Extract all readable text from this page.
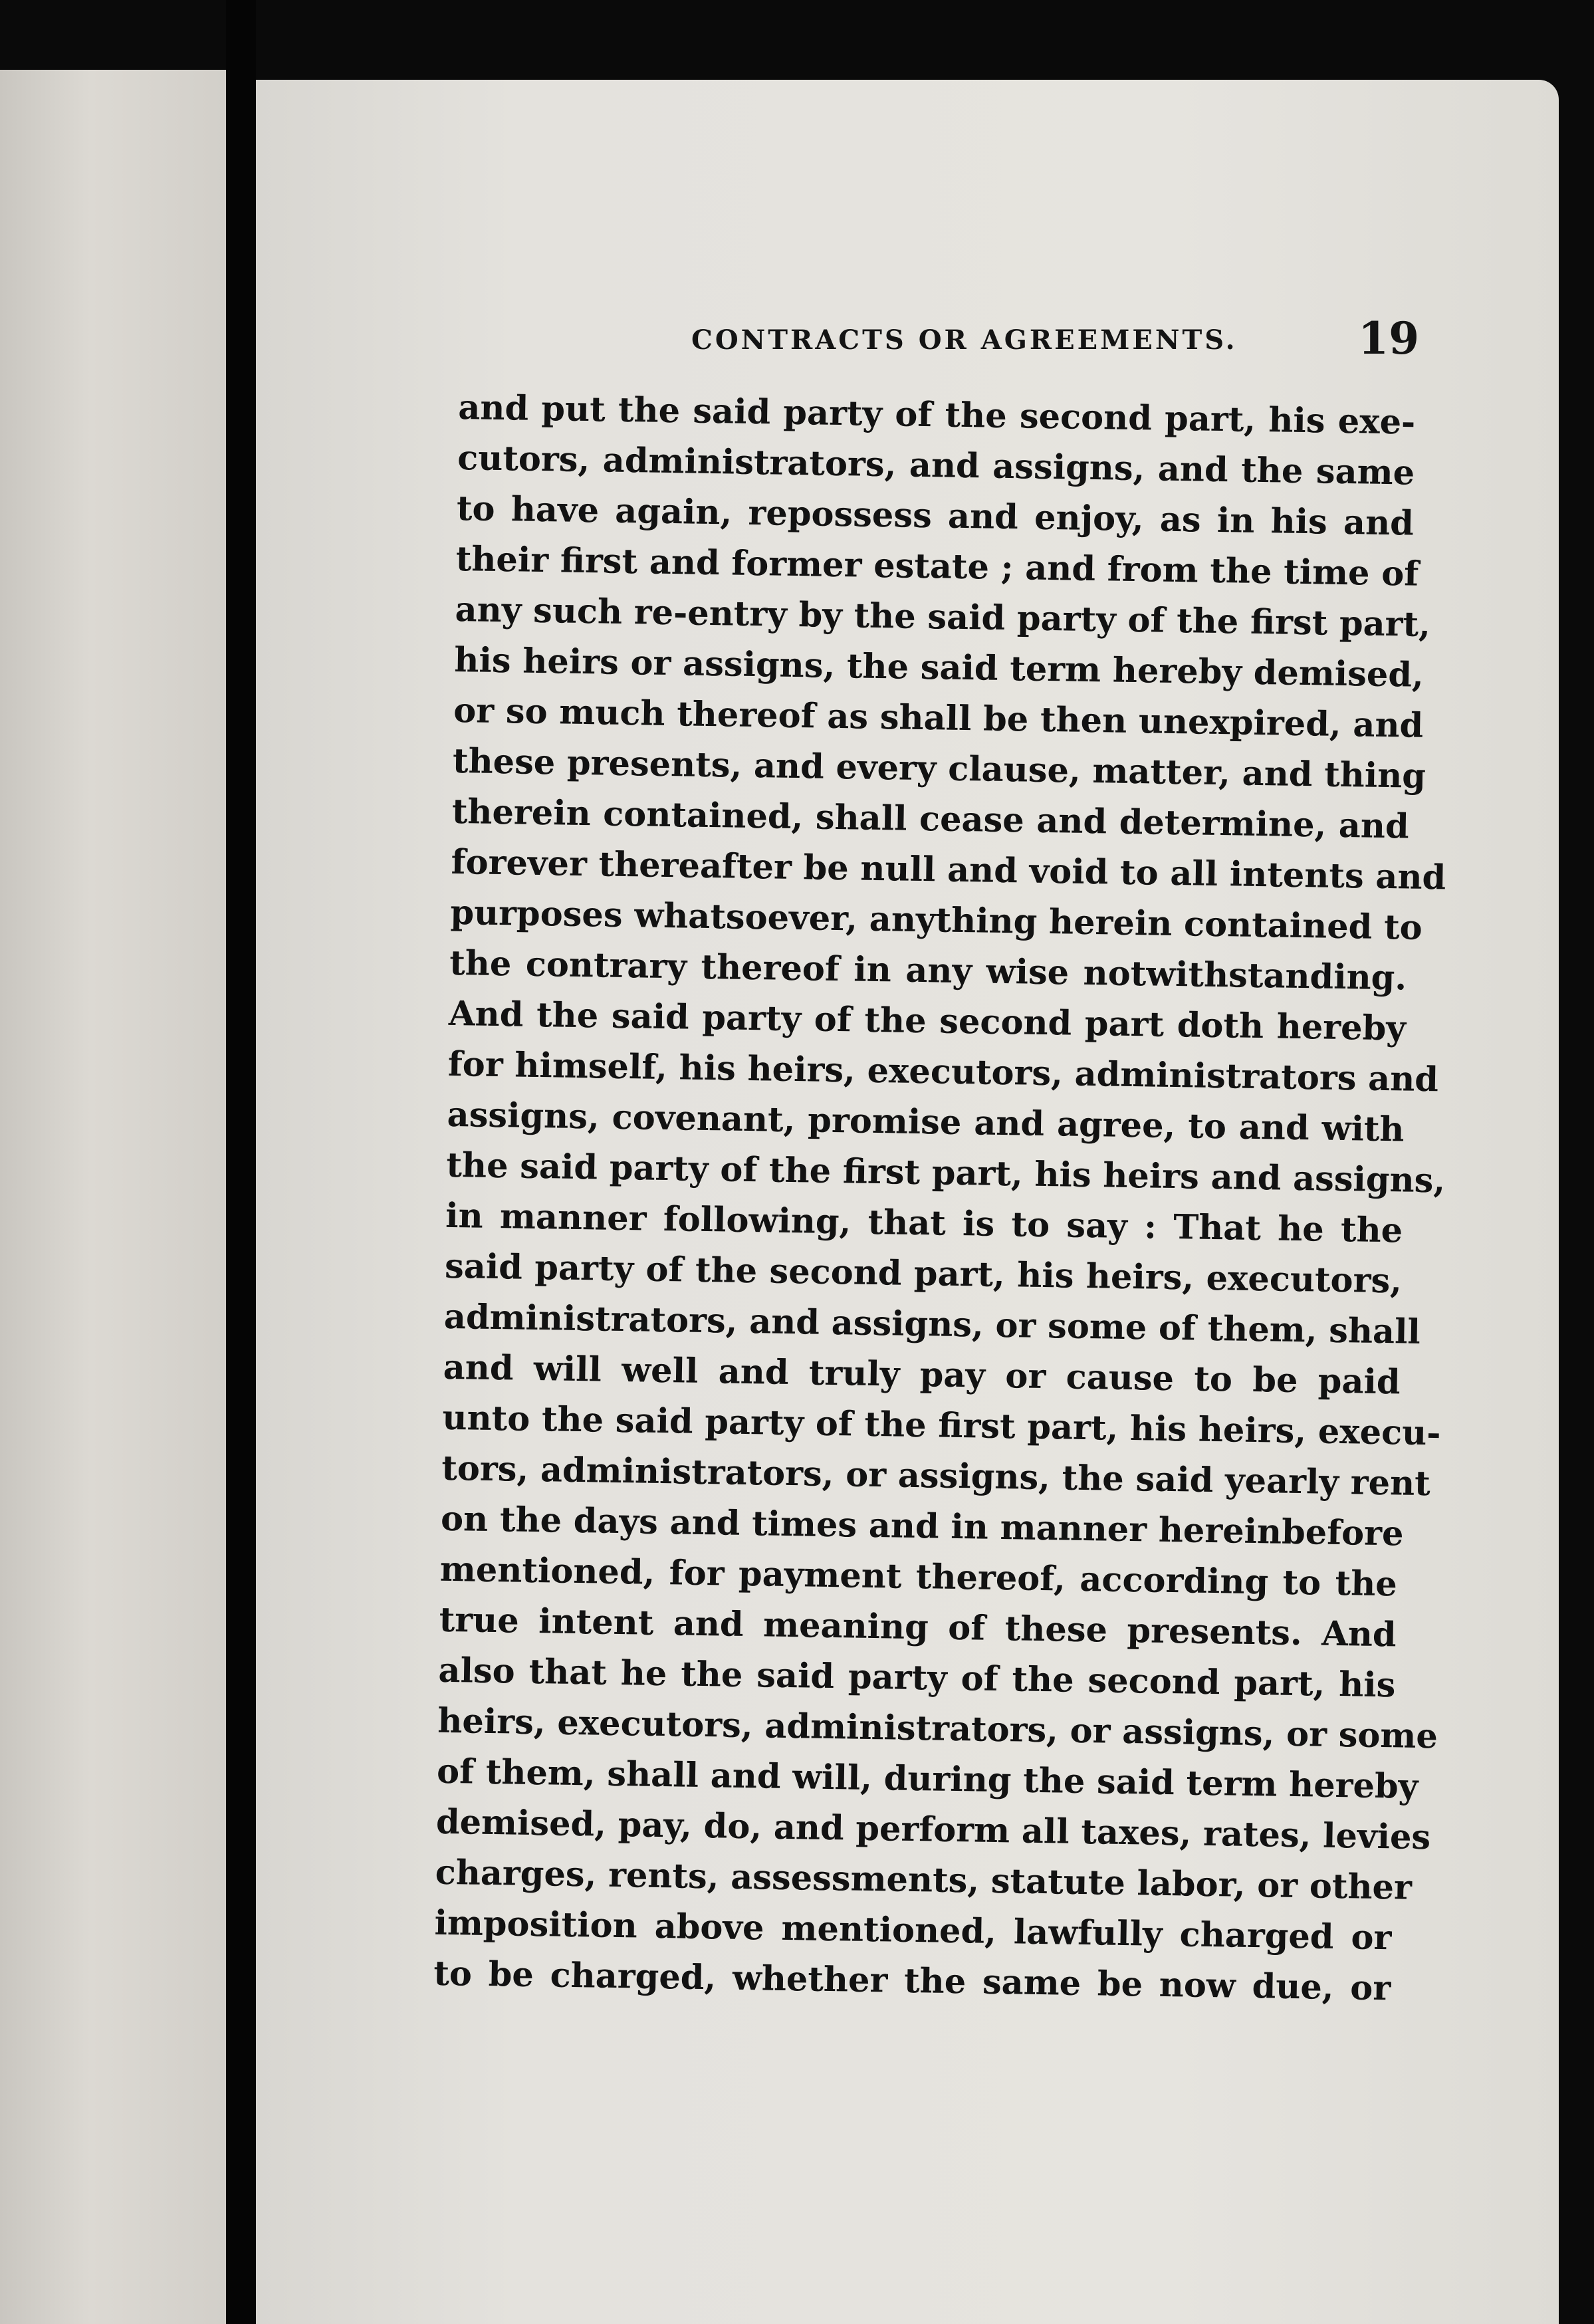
CONTRACTS OR AGREEMENTS.	19
and put the said party of the second part, his exe-
cutors, administrators, and assigns, and the same
to have again, repossess and enjoy, as in his and
their first and former estate ; and from the time of
any such re-entry by the said party of the first part,
his heirs or assigns, the said term hereby demised,
or so much thereof as shall be then unexpired, and
these presents, and every clause, matter, and thing
therein contained, shall cease and determine, and
forever thereafter be null and void to all intents and
purposes whatsoever, anything herein contained to
the contrary thereof in any wise notwithstanding.
And the said party of the second part doth hereby
for himself, his heirs, executors, administrators and
assigns, covenant, promise and agree, to and with
the said party of the first part, his heirs and assigns,
in manner following, that is to say : That he the
said party of the second part, his heirs, executors,
administrators, and assigns, or some of them, shall
and will well and truly pay or cause to be paid
unto the said party of the first part, his heirs, execu-
tors, administrators, or assigns, the said yearly rent
on the days and times and in manner hereinbefore
mentioned, for payment thereof, according to the
true intent and meaning of these presents. And
also that he the said party of the second part, his
heirs, executors, administrators, or assigns, or some
of them, shall and will, during the said term hereby
demised, pay, do, and perform all taxes, rates, levies
charges, rents, assessments, statute labor, or other
imposition above mentioned, lawfully charged or
to be charged, whether the same be now due, or
